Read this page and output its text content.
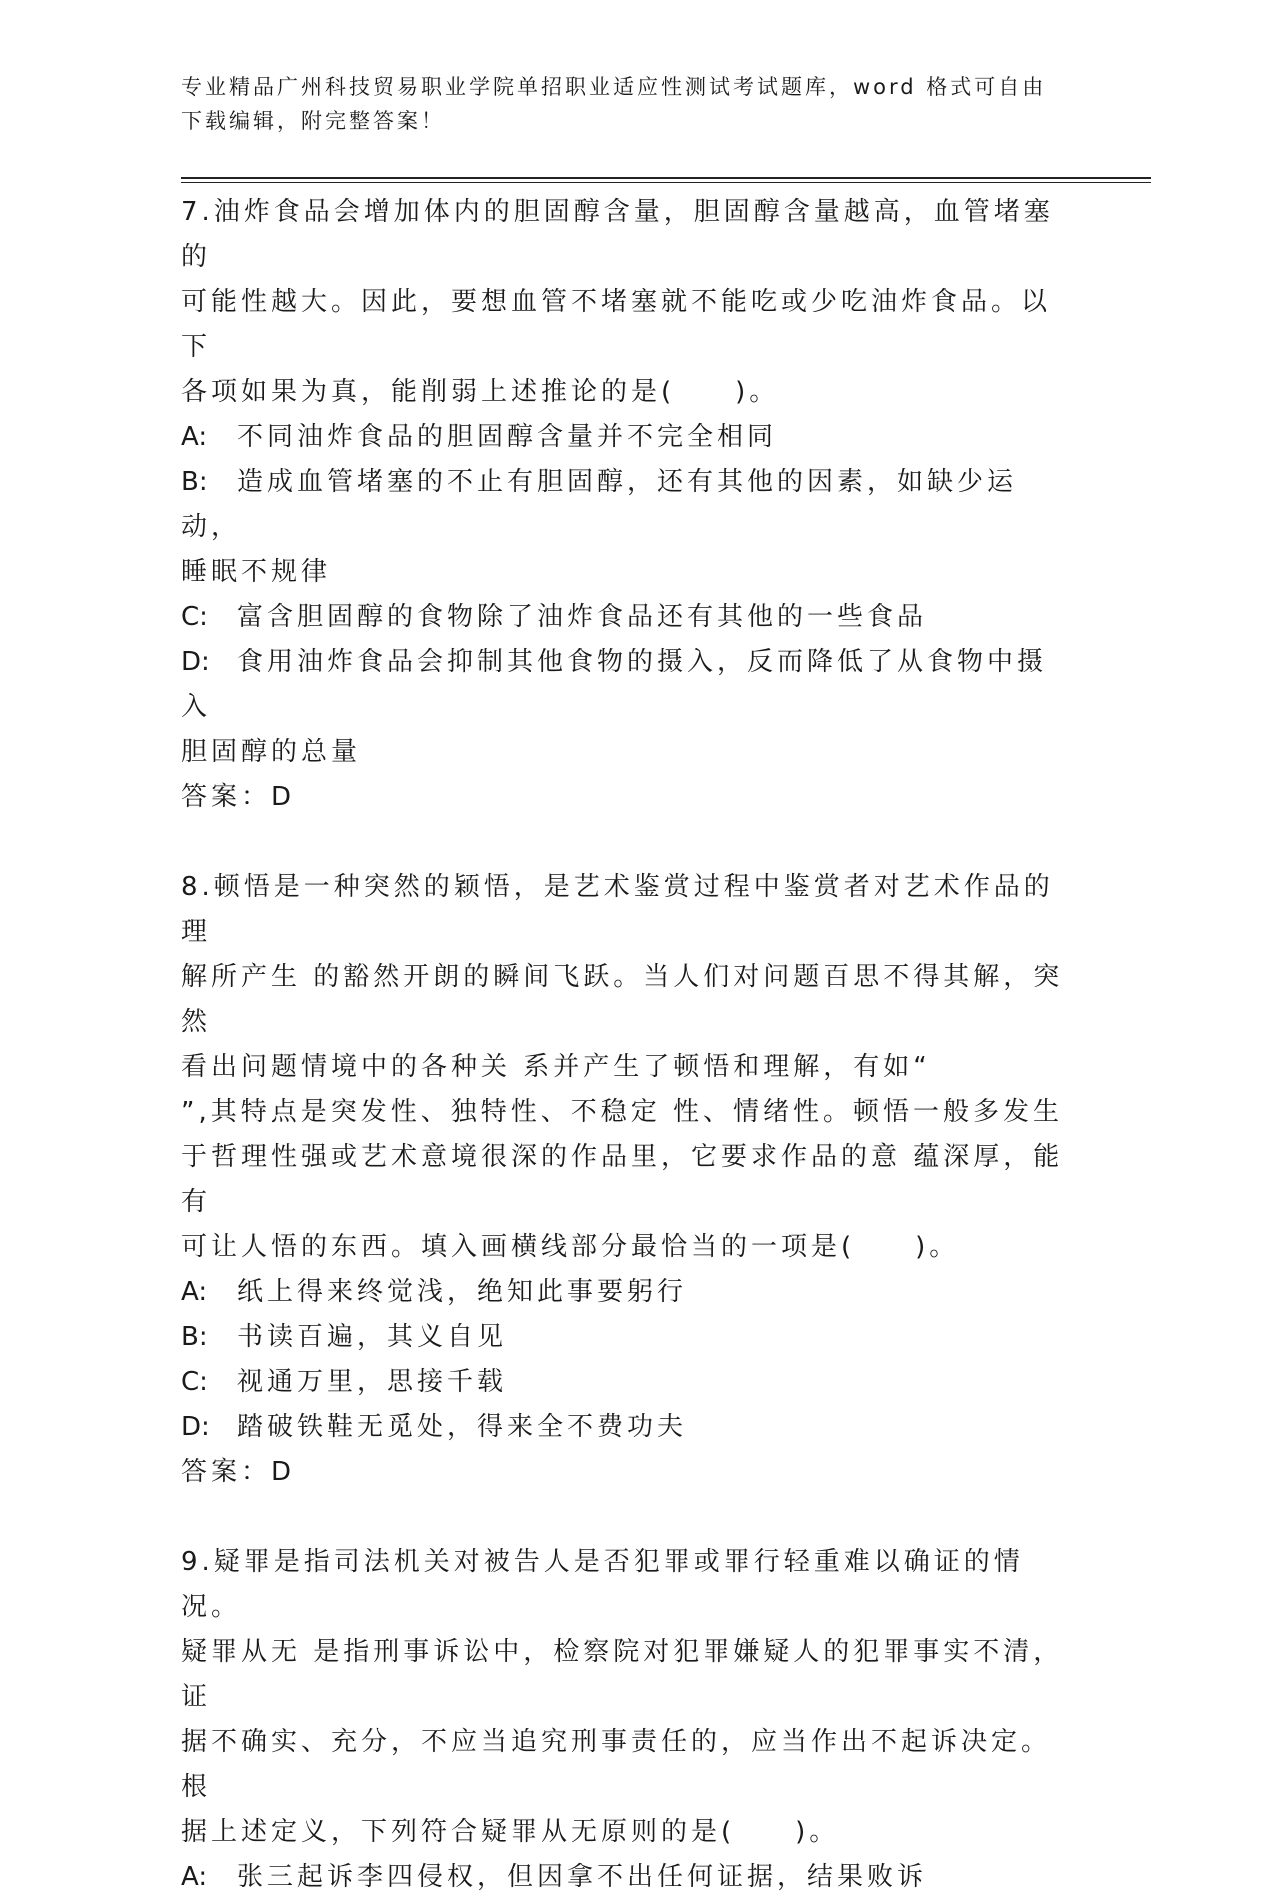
专业精品广州科技贸易职业学院单招职业适应性测试考试题库，word 格式可自由
下载编辑，附完整答案！

7.油炸食品会增加体内的胆固醇含量，胆固醇含量越高，血管堵塞的

可能性越大。因此，要想血管不堵塞就不能吃或少吃油炸食品。以下

各项如果为真，能削弱上述推论的是(　　)。

A: 不同油炸食品的胆固醇含量并不完全相同

B: 造成血管堵塞的不止有胆固醇，还有其他的因素，如缺少运动，

睡眠不规律

C: 富含胆固醇的食物除了油炸食品还有其他的一些食品

D: 食用油炸食品会抑制其他食物的摄入，反而降低了从食物中摄入

胆固醇的总量

答案：D

8.顿悟是一种突然的颖悟，是艺术鉴赏过程中鉴赏者对艺术作品的理

解所产生 的豁然开朗的瞬间飞跃。当人们对问题百思不得其解，突然

看出问题情境中的各种关 系并产生了顿悟和理解，有如“

”,其特点是突发性、独特性、不稳定 性、情绪性。顿悟一般多发生

于哲理性强或艺术意境很深的作品里，它要求作品的意 蕴深厚，能有

可让人悟的东西。填入画横线部分最恰当的一项是(　　)。

A: 纸上得来终觉浅，绝知此事要躬行

B: 书读百遍，其义自见

C: 视通万里，思接千载

D: 踏破铁鞋无觅处，得来全不费功夫

答案：D

9.疑罪是指司法机关对被告人是否犯罪或罪行轻重难以确证的情况。

疑罪从无 是指刑事诉讼中，检察院对犯罪嫌疑人的犯罪事实不清，证

据不确实、充分，不应当追究刑事责任的，应当作出不起诉决定。根

据上述定义，下列符合疑罪从无原则的是(　　)。

A: 张三起诉李四侵权，但因拿不出任何证据，结果败诉
